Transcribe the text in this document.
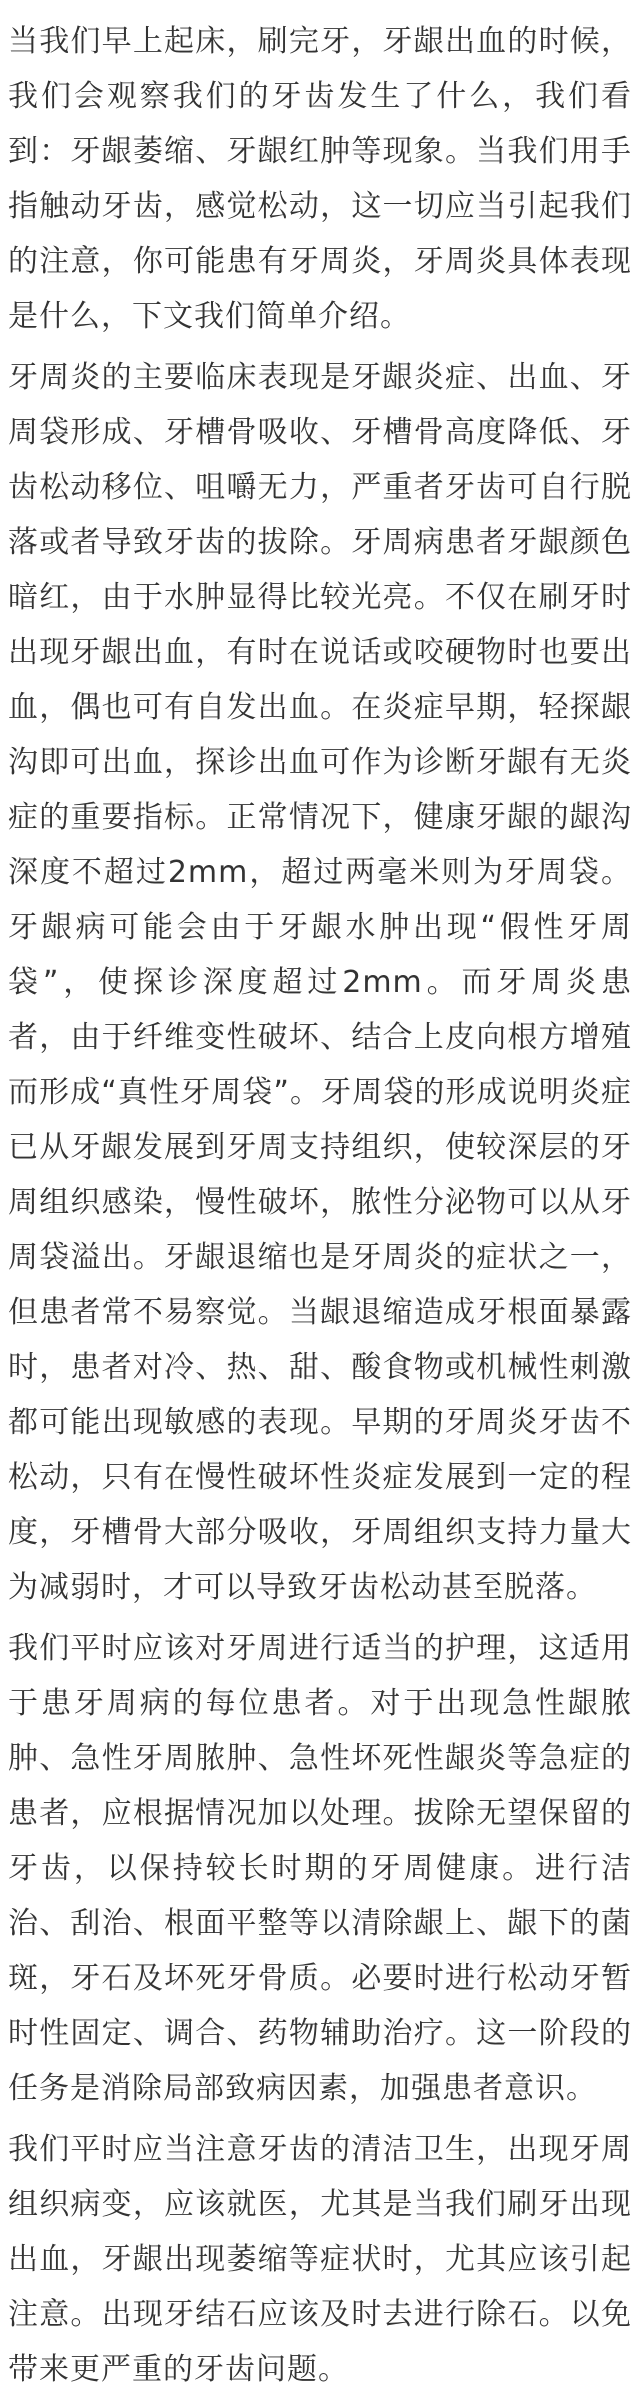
当我们早上起床，刷完牙，牙龈出血的时候，我们会观察我们的牙齿发生了什么，我们看到：牙龈萎缩、牙龈红肿等现象。当我们用手指触动牙齿，感觉松动，这一切应当引起我们的注意，你可能患有牙周炎，牙周炎具体表现是什么，下文我们简单介绍。

牙周炎的主要临床表现是牙龈炎症、出血、牙周袋形成、牙槽骨吸收、牙槽骨高度降低、牙齿松动移位、咀嚼无力，严重者牙齿可自行脱落或者导致牙齿的拔除。牙周病患者牙龈颜色暗红，由于水肿显得比较光亮。不仅在刷牙时出现牙龈出血，有时在说话或咬硬物时也要出血，偶也可有自发出血。在炎症早期，轻探龈沟即可出血，探诊出血可作为诊断牙龈有无炎症的重要指标。正常情况下，健康牙龈的龈沟深度不超过2mm，超过两毫米则为牙周袋。牙龈病可能会由于牙龈水肿出现“假性牙周袋”，使探诊深度超过2mm。而牙周炎患者，由于纤维变性破坏、结合上皮向根方增殖而形成“真性牙周袋”。牙周袋的形成说明炎症已从牙龈发展到牙周支持组织，使较深层的牙周组织感染，慢性破坏，脓性分泌物可以从牙周袋溢出。牙龈退缩也是牙周炎的症状之一，但患者常不易察觉。当龈退缩造成牙根面暴露时，患者对冷、热、甜、酸食物或机械性刺激都可能出现敏感的表现。早期的牙周炎牙齿不松动，只有在慢性破坏性炎症发展到一定的程度，牙槽骨大部分吸收，牙周组织支持力量大为减弱时，才可以导致牙齿松动甚至脱落。

我们平时应该对牙周进行适当的护理，这适用于患牙周病的每位患者。对于出现急性龈脓肿、急性牙周脓肿、急性坏死性龈炎等急症的患者，应根据情况加以处理。拔除无望保留的牙齿，以保持较长时期的牙周健康。进行洁治、刮治、根面平整等以清除龈上、龈下的菌斑，牙石及坏死牙骨质。必要时进行松动牙暂时性固定、调合、药物辅助治疗。这一阶段的任务是消除局部致病因素，加强患者意识。

我们平时应当注意牙齿的清洁卫生，出现牙周组织病变，应该就医，尤其是当我们刷牙出现出血，牙龈出现萎缩等症状时，尤其应该引起注意。出现牙结石应该及时去进行除石。以免带来更严重的牙齿问题。
